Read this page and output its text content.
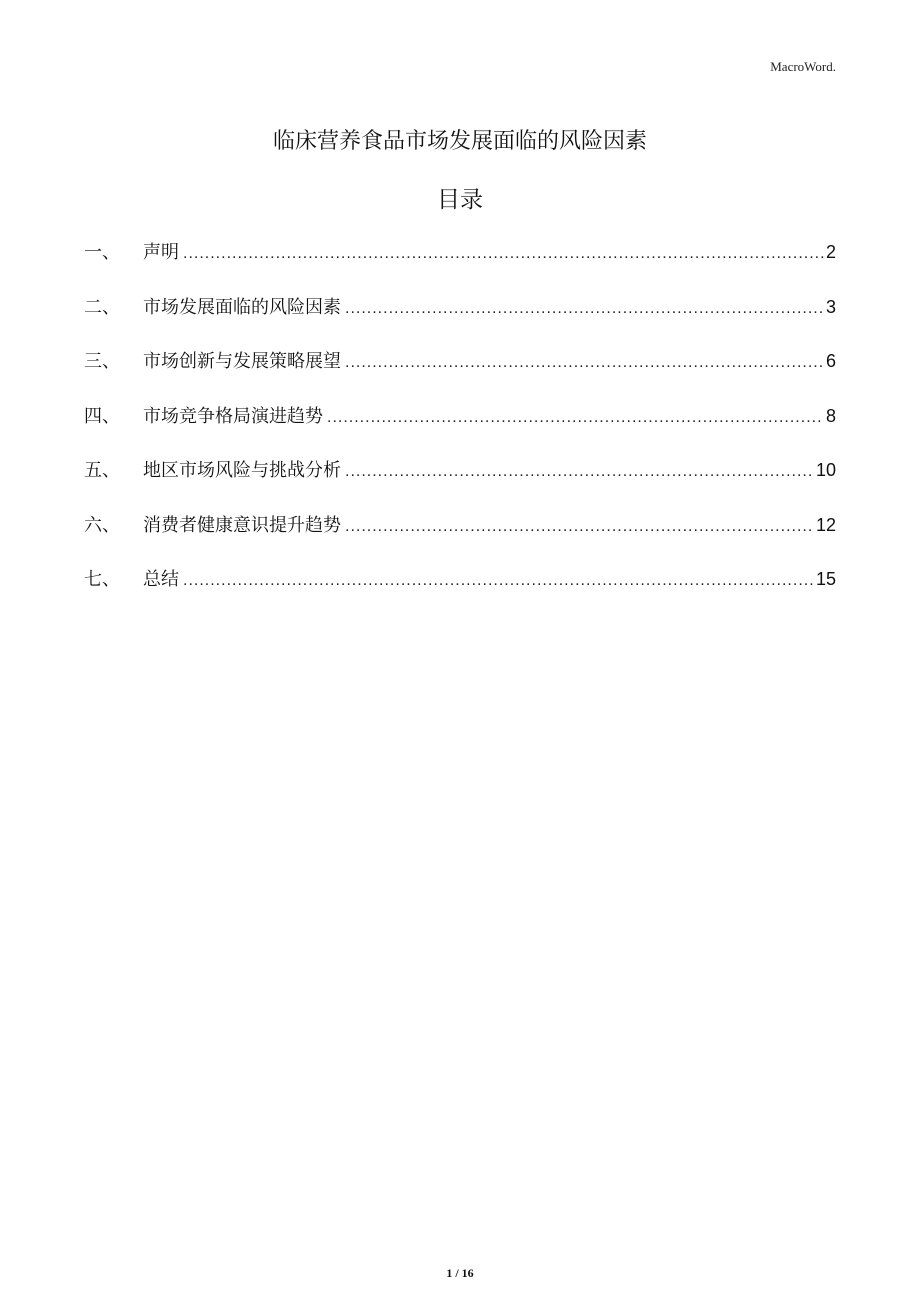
MacroWord.
临床营养食品市场发展面临的风险因素
目录
一、	声明 .....	2
二、	市场发展面临的风险因素 .....	3
三、	市场创新与发展策略展望 .....	6
四、	市场竞争格局演进趋势 .....	8
五、	地区市场风险与挑战分析 .....	10
六、	消费者健康意识提升趋势 .....	12
七、	总结 .....	15
1 / 16
